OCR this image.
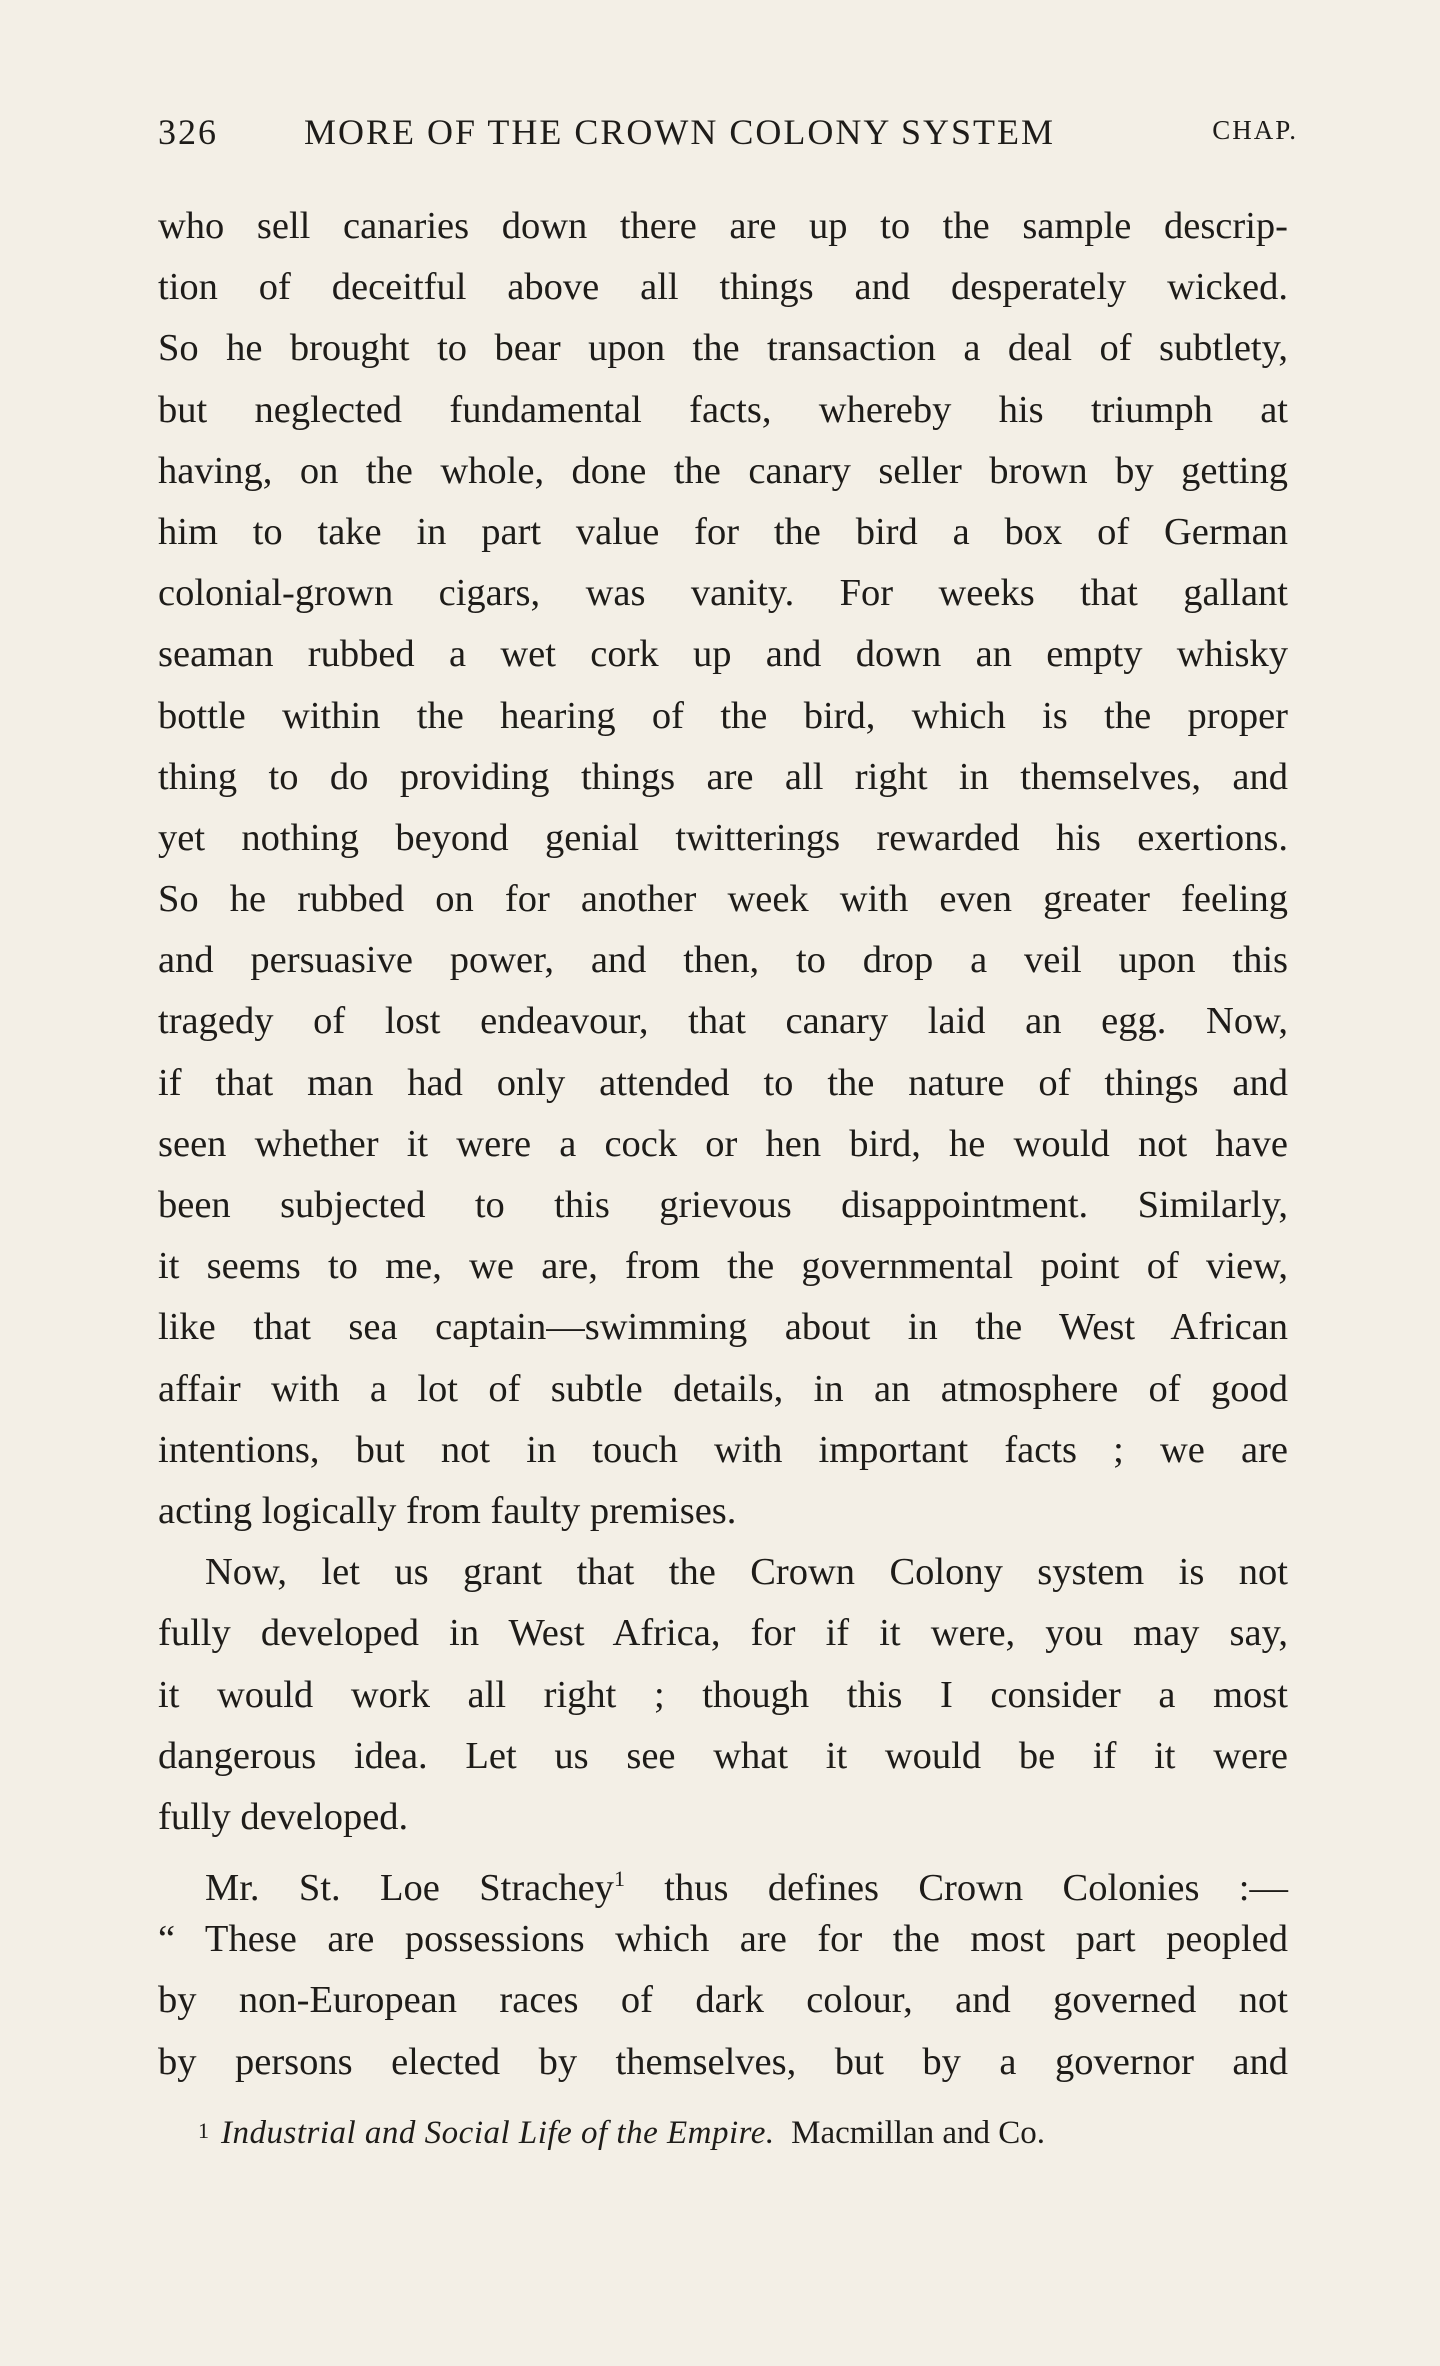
326 MORE OF THE CROWN COLONY SYSTEM	CHAP.
who sell canaries down there are up to the sample descrip-
tion of deceitful above all things and desperately wicked.
So he brought to bear upon the transaction a deal of subtlety,
but neglected fundamental facts, whereby his triumph at
having, on the whole, done the canary seller brown by getting
him to take in part value for the bird a box of German
colonial-grown cigars, was vanity. For weeks that gallant
seaman rubbed a wet cork up and down an empty whisky
bottle within the hearing of the bird, which is the proper
thing to do providing things are all right in themselves, and
yet nothing beyond genial twitterings rewarded his exertions.
So he rubbed on for another week with even greater feeling
and persuasive power, and then, to drop a veil upon this
tragedy of lost endeavour, that canary laid an egg. Now,
if that man had only attended to the nature of things and
seen whether it were a cock or hen bird, he would not have
been subjected to this grievous disappointment. Similarly,
it seems to me, we are, from the governmental point of view,
like that sea captain—swimming about in the West African
affair with a lot of subtle details, in an atmosphere of good
intentions, but not in touch with important facts ; we are
acting logically from faulty premises.
Now, let us grant that the Crown Colony system is not
fully developed in West Africa, for if it were, you may say,
it would work all right ; though this I consider a most
dangerous idea. Let us see what it would be if it were
fully developed.
Mr. St. Loe Strachey$^1$ thus defines Crown Colonies :—
“ These are possessions which are for the most part peopled
by non-European races of dark colour, and governed not
by persons elected by themselves, but by a governor and
$^1$ Industrial and Social Life of the Empire. Macmillan and Co.
